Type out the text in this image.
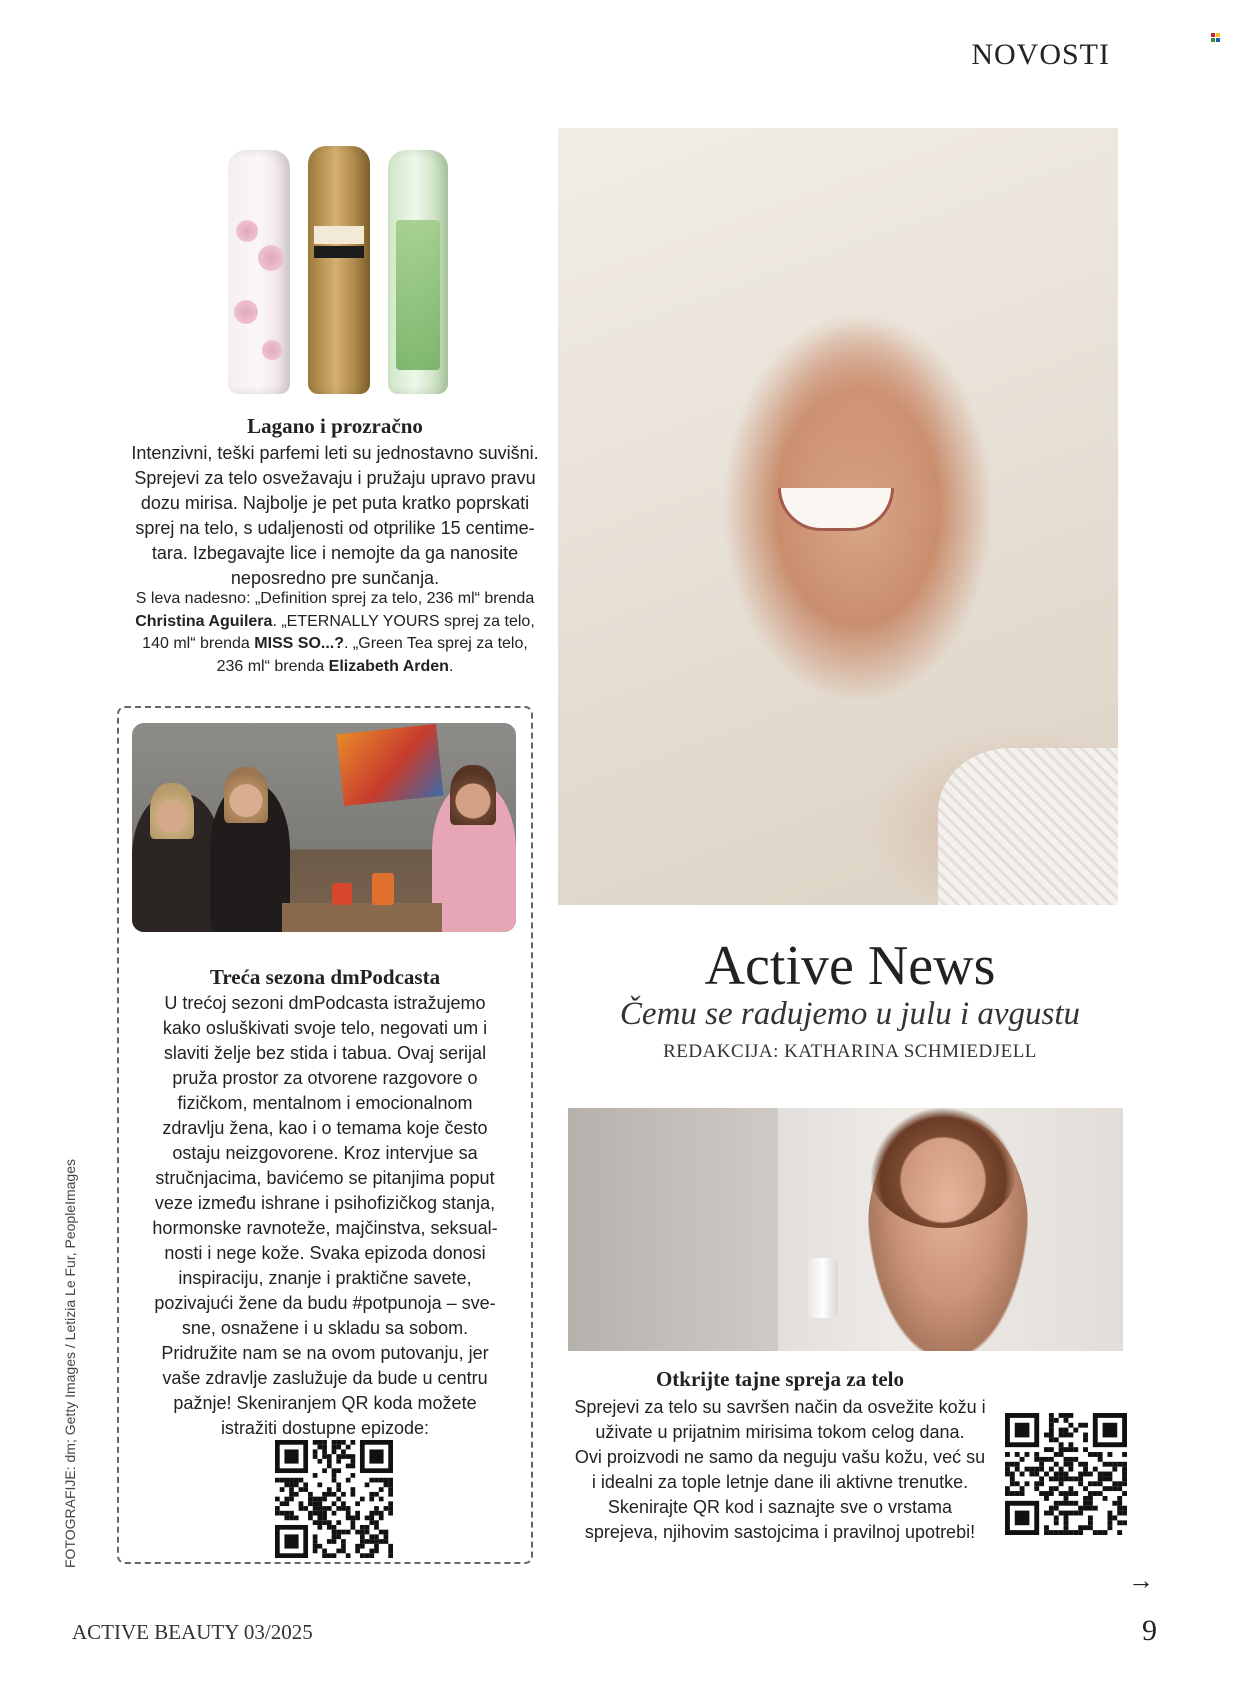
NOVOSTI
Lagano i prozračno
Intenzivni, teški parfemi leti su jednostavno suvišni.
Sprejevi za telo osvežavaju i pružaju upravo pravu
dozu mirisa. Najbolje je pet puta kratko poprskati
sprej na telo, s udaljenosti od otprilike 15 centime-
tara. Izbegavajte lice i nemojte da ga nanosite
neposredno pre sunčanja.
S leva nadesno: „Definition sprej za telo, 236 ml“ brenda
Christina Aguilera. „ETERNALLY YOURS sprej za telo,
140 ml“ brenda MISS SO...?. „Green Tea sprej za telo,
236 ml“ brenda Elizabeth Arden.
Treća sezona dmPodcasta
U trećoj sezoni dmPodcasta istražujemo
kako osluškivati svoje telo, negovati um i
slaviti želje bez stida i tabua. Ovaj serijal
pruža prostor za otvorene razgovore o
fizičkom, mentalnom i emocionalnom
zdravlju žena, kao i o temama koje često
ostaju neizgovorene. Kroz intervjue sa
stručnjacima, bavićemo se pitanjima poput
veze između ishrane i psihofizičkog stanja,
hormonske ravnoteže, majčinstva, seksual-
nosti i nege kože. Svaka epizoda donosi
inspiraciju, znanje i praktične savete,
pozivajući žene da budu #potpunoja – sve-
sne, osnažene i u skladu sa sobom.
Pridružite nam se na ovom putovanju, jer
vaše zdravlje zaslužuje da bude u centru
pažnje! Skeniranjem QR koda možete
istražiti dostupne epizode:
Active News
Čemu se radujemo u julu i avgustu
REDAKCIJA: KATHARINA SCHMIEDJELL
Otkrijte tajne spreja za telo
Sprejevi za telo su savršen način da osvežite kožu i
uživate u prijatnim mirisima tokom celog dana.
Ovi proizvodi ne samo da neguju vašu kožu, već su
i idealni za tople letnje dane ili aktivne trenutke.
Skenirajte QR kod i saznajte sve o vrstama
sprejeva, njihovim sastojcima i pravilnoj upotrebi!
FOTOGRAFIJE: dm; Getty Images / Letizia Le Fur, PeopleImages
→
ACTIVE BEAUTY 03/2025	9
